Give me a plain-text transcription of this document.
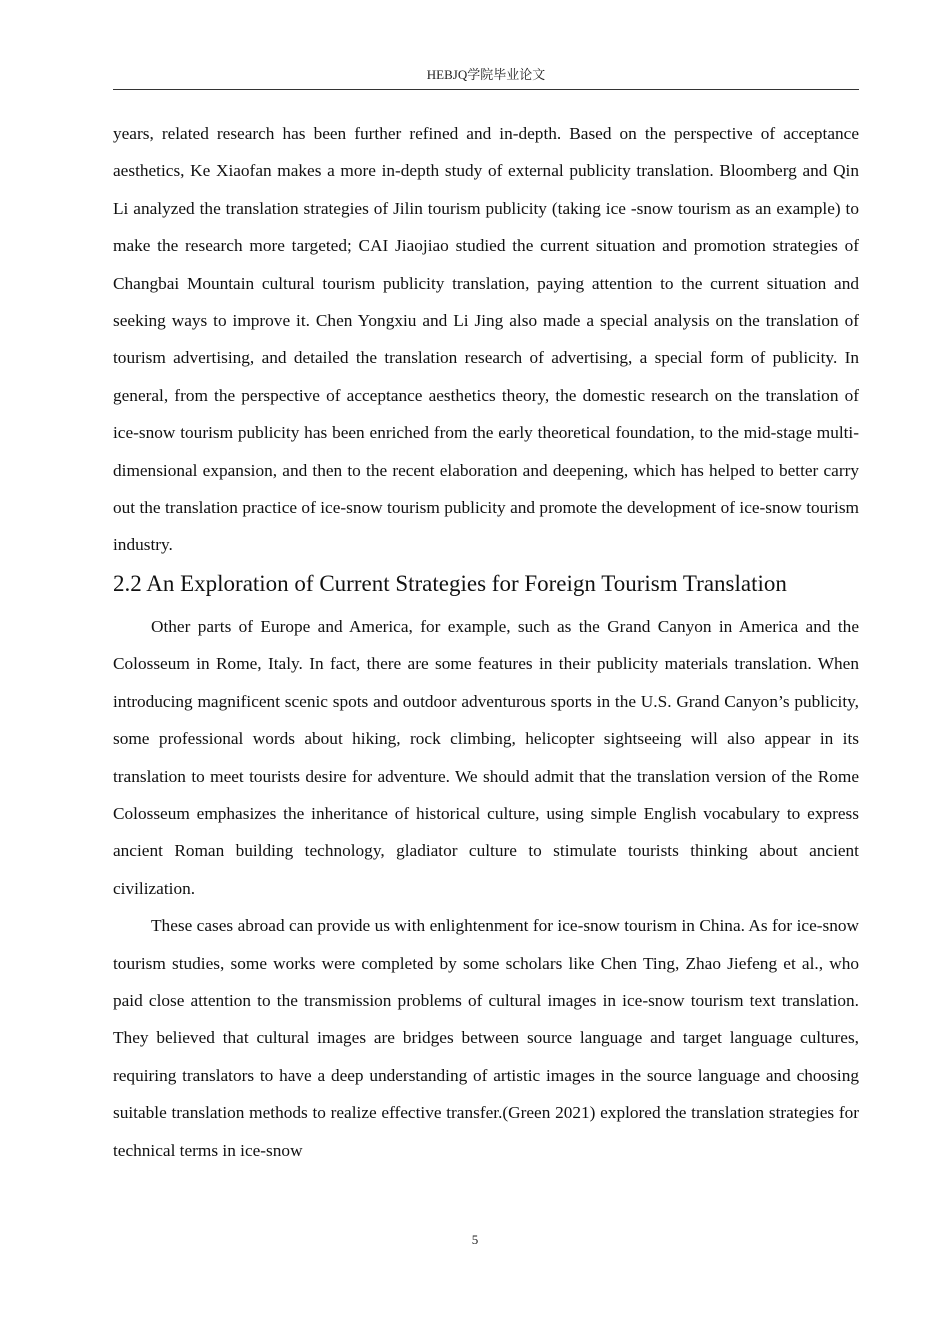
HEBJQ学院毕业论文

years, related research has been further refined and in-depth. Based on the perspective of acceptance aesthetics, Ke Xiaofan makes a more in-depth study of external publicity translation. Bloomberg and Qin Li analyzed the translation strategies of Jilin tourism publicity (taking ice -snow tourism as an example) to make the research more targeted; CAI Jiaojiao studied the current situation and promotion strategies of Changbai Mountain cultural tourism publicity translation, paying attention to the current situation and seeking ways to improve it. Chen Yongxiu and Li Jing also made a special analysis on the translation of tourism advertising, and detailed the translation research of advertising, a special form of publicity. In general, from the perspective of acceptance aesthetics theory, the domestic research on the translation of ice-snow tourism publicity has been enriched from the early theoretical foundation, to the mid-stage multi-dimensional expansion, and then to the recent elaboration and deepening, which has helped to better carry out the translation practice of ice-snow tourism publicity and promote the development of ice-snow tourism industry.

2.2 An Exploration of Current Strategies for Foreign Tourism Translation

Other parts of Europe and America, for example, such as the Grand Canyon in America and the Colosseum in Rome, Italy. In fact, there are some features in their publicity materials translation. When introducing magnificent scenic spots and outdoor adventurous sports in the U.S. Grand Canyon’s publicity, some professional words about hiking, rock climbing, helicopter sightseeing will also appear in its translation to meet tourists desire for adventure. We should admit that the translation version of the Rome Colosseum emphasizes the inheritance of historical culture, using simple English vocabulary to express ancient Roman building technology, gladiator culture to stimulate tourists thinking about ancient civilization.

These cases abroad can provide us with enlightenment for ice-snow tourism in China. As for ice-snow tourism studies, some works were completed by some scholars like Chen Ting, Zhao Jiefeng et al., who paid close attention to the transmission problems of cultural images in ice-snow tourism text translation. They believed that cultural images are bridges between source language and target language cultures, requiring translators to have a deep understanding of artistic images in the source language and choosing suitable translation methods to realize effective transfer.(Green 2021) explored the translation strategies for technical terms in ice-snow

5
